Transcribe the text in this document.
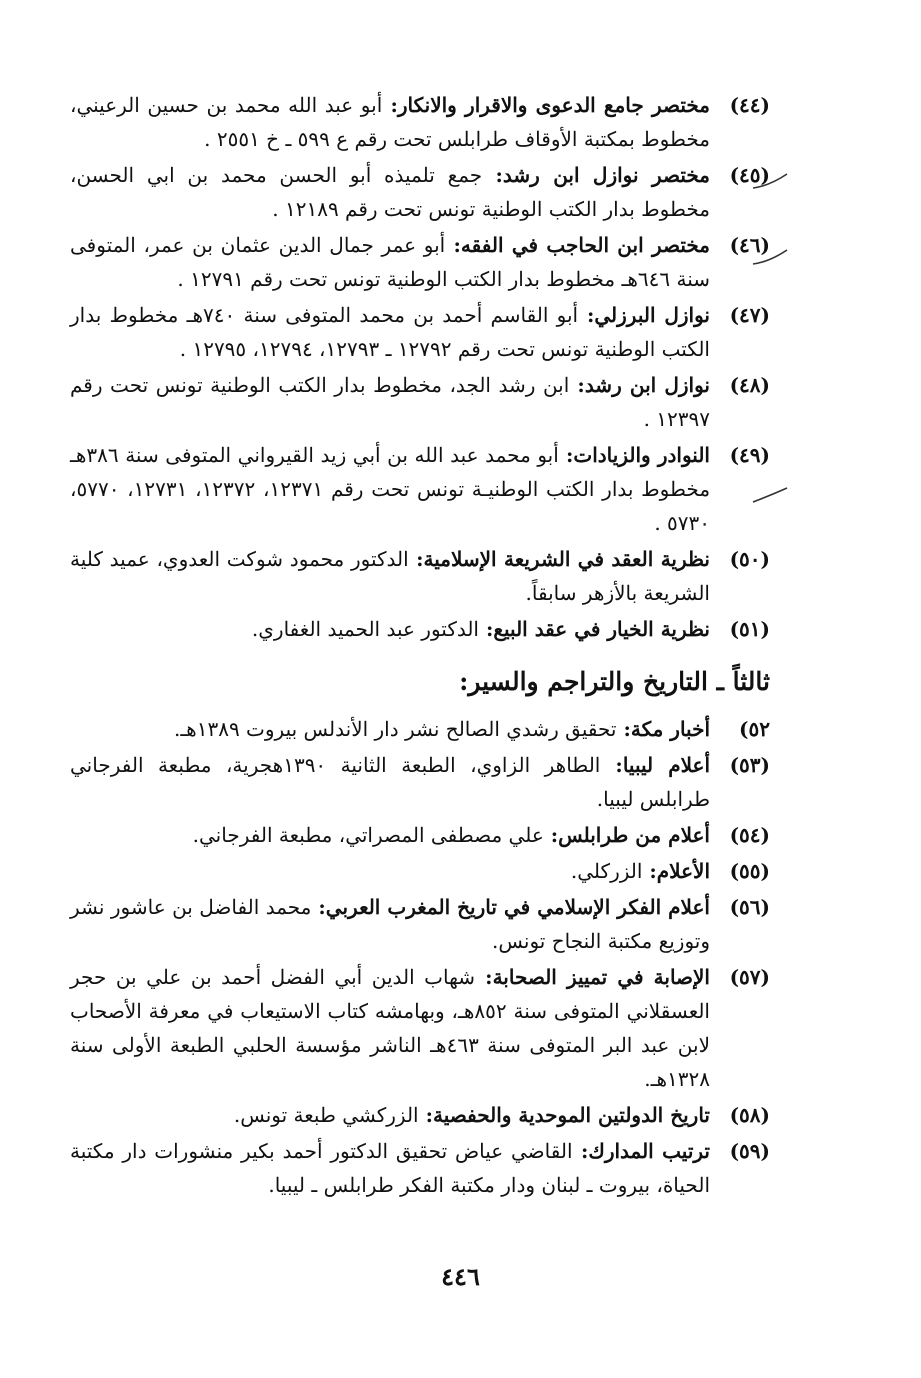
(٤٤)
مختصر جامع الدعوى والاقرار والانكار: أبو عبد الله محمد بن حسين الرعيني، مخطوط بمكتبة الأوقاف طرابلس تحت رقم ع ٥٩٩ ـ خ ٢٥٥١ .
(٤٥)
مختصر نوازل ابن رشد: جمع تلميذه أبو الحسن محمد بن ابي الحسن، مخطوط بدار الكتب الوطنية تونس تحت رقم ١٢١٨٩ .
(٤٦)
مختصر ابن الحاجب في الفقه: أبو عمر جمال الدين عثمان بن عمر، المتوفى سنة ٦٤٦هـ مخطوط بدار الكتب الوطنية تونس تحت رقم ١٢٧٩١ .
(٤٧)
نوازل البرزلي: أبو القاسم أحمد بن محمد المتوفى سنة ٧٤٠هـ مخطوط بدار الكتب الوطنية تونس تحت رقم ١٢٧٩٢ ـ ١٢٧٩٣، ١٢٧٩٤، ١٢٧٩٥ .
(٤٨)
نوازل ابن رشد: ابن رشد الجد، مخطوط بدار الكتب الوطنية تونس تحت رقم ١٢٣٩٧ .
(٤٩)
النوادر والزيادات: أبو محمد عبد الله بن أبي زيد القيرواني المتوفى سنة ٣٨٦هـ مخطوط بدار الكتب الوطنيـة تونس تحت رقم ١٢٣٧١، ١٢٣٧٢، ١٢٧٣١، ٥٧٧٠، ٥٧٣٠ .
(٥٠)
نظرية العقد في الشريعة الإسلامية: الدكتور محمود شوكت العدوي، عميد كلية الشريعة بالأزهر سابقاً.
(٥١)
نظرية الخيار في عقد البيع: الدكتور عبد الحميد الغفاري.
ثالثاً ـ التاريخ والتراجم والسير:
٥٢)
أخبار مكة: تحقيق رشدي الصالح نشر دار الأندلس بيروت ١٣٨٩هـ.
(٥٣)
أعلام ليبيا: الطاهر الزاوي، الطبعة الثانية ١٣٩٠هجرية، مطبعة الفرجاني طرابلس ليبيا.
(٥٤)
أعلام من طرابلس: علي مصطفى المصراتي، مطبعة الفرجاني.
(٥٥)
الأعلام: الزركلي.
(٥٦)
أعلام الفكر الإسلامي في تاريخ المغرب العربي: محمد الفاضل بن عاشور نشر وتوزيع مكتبة النجاح تونس.
(٥٧)
الإصابة في تمييز الصحابة: شهاب الدين أبي الفضل أحمد بن علي بن حجر العسقلاني المتوفى سنة ٨٥٢هـ، وبهامشه كتاب الاستيعاب في معرفة الأصحاب لابن عبد البر المتوفى سنة ٤٦٣هـ الناشر مؤسسة الحلبي الطبعة الأولى سنة ١٣٢٨هـ.
(٥٨)
تاريخ الدولتين الموحدية والحفصية: الزركشي طبعة تونس.
(٥٩)
ترتيب المدارك: القاضي عياض تحقيق الدكتور أحمد بكير منشورات دار مكتبة الحياة، بيروت ـ لبنان ودار مكتبة الفكر طرابلس ـ ليبيا.
٤٤٦
